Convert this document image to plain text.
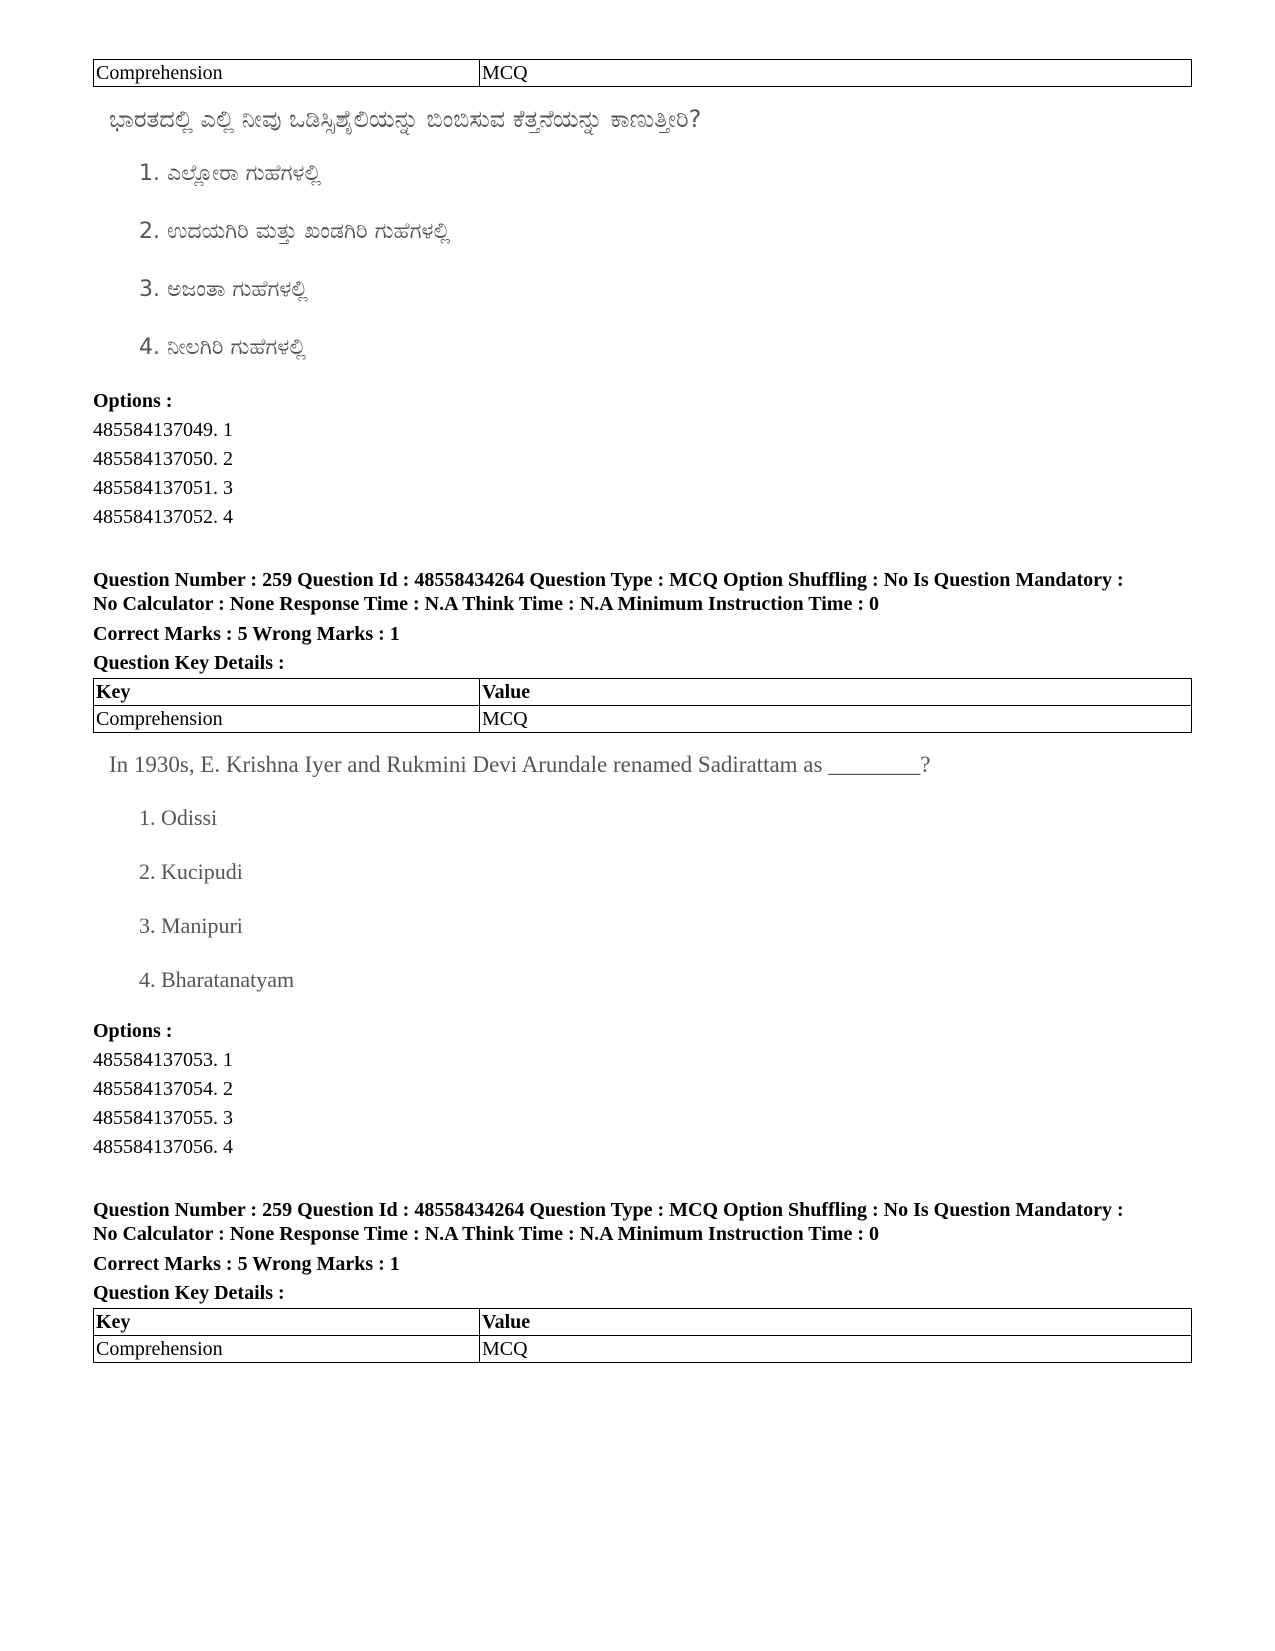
Comprehension	MCQ
ಭಾರತದಲ್ಲಿ ಎಲ್ಲಿ ನೀವು ಒಡಿಸ್ಸಿಶೈಲಿಯನ್ನು ಬಿಂಬಿಸುವ ಕೆತ್ತನೆಯನ್ನು ಕಾಣುತ್ತೀರಿ?
1. ಎಲ್ಲೋರಾ ಗುಹೆಗಳಲ್ಲಿ
2. ಉದಯಗಿರಿ ಮತ್ತು ಖಂಡಗಿರಿ ಗುಹೆಗಳಲ್ಲಿ
3. ಅಜಂತಾ ಗುಹೆಗಳಲ್ಲಿ
4. ನೀಲಗಿರಿ ಗುಹೆಗಳಲ್ಲಿ
Options :
485584137049. 1
485584137050. 2
485584137051. 3
485584137052. 4
Question Number : 259 Question Id : 48558434264 Question Type : MCQ Option Shuffling : No Is Question Mandatory :
No Calculator : None Response Time : N.A Think Time : N.A Minimum Instruction Time : 0
Correct Marks : 5 Wrong Marks : 1
Question Key Details :
Key	Value
Comprehension	MCQ
In 1930s, E. Krishna Iyer and Rukmini Devi Arundale renamed Sadirattam as ________?
1. Odissi
2. Kucipudi
3. Manipuri
4. Bharatanatyam
Options :
485584137053. 1
485584137054. 2
485584137055. 3
485584137056. 4
Question Number : 259 Question Id : 48558434264 Question Type : MCQ Option Shuffling : No Is Question Mandatory :
No Calculator : None Response Time : N.A Think Time : N.A Minimum Instruction Time : 0
Correct Marks : 5 Wrong Marks : 1
Question Key Details :
Key	Value
Comprehension	MCQ
